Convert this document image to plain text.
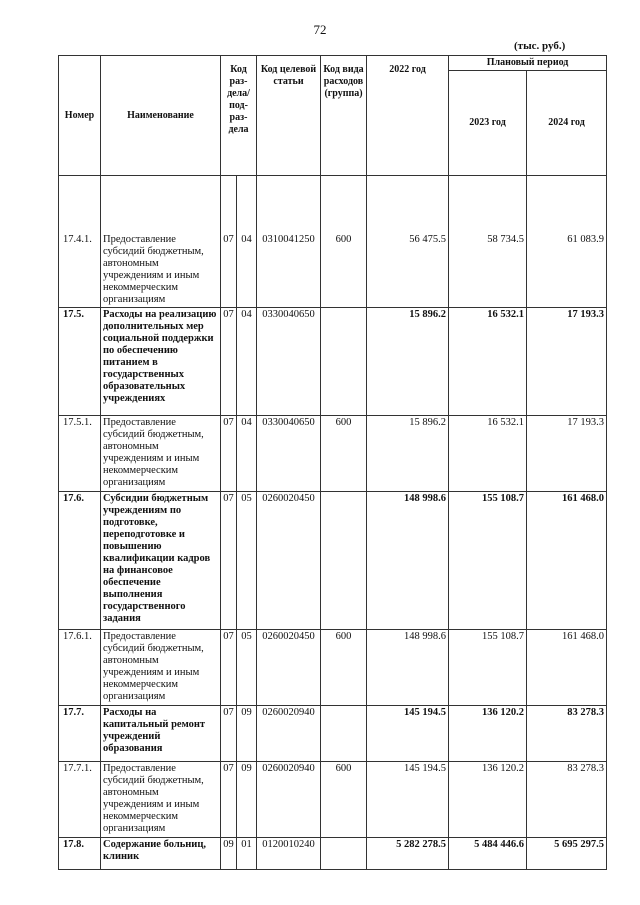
72
(тыс. руб.)
Номер	Наименование	Код раз-дела/ под-раз-дела		Код целевой статьи	Код вида расходов (группа)	2022 год	Плановый период	
							2023 год	2024 год
17.4.1.	Предоставление субсидий бюджетным, автономным учреждениям и иным некоммерческим организациям	07	04	0310041250	600	56 475.5	58 734.5	61 083.9
17.5.	Расходы на реализацию дополнительных мер социальной поддержки по обеспечению питанием в государственных образовательных учреждениях	07	04	0330040650		15 896.2	16 532.1	17 193.3
17.5.1.	Предоставление субсидий бюджетным, автономным учреждениям и иным некоммерческим организациям	07	04	0330040650	600	15 896.2	16 532.1	17 193.3
17.6.	Субсидии бюджетным учреждениям по подготовке, переподготовке и повышению квалификации кадров на финансовое обеспечение выполнения государственного задания	07	05	0260020450		148 998.6	155 108.7	161 468.0
17.6.1.	Предоставление субсидий бюджетным, автономным учреждениям и иным некоммерческим организациям	07	05	0260020450	600	148 998.6	155 108.7	161 468.0
17.7.	Расходы на капитальный ремонт учреждений образования	07	09	0260020940		145 194.5	136 120.2	83 278.3
17.7.1.	Предоставление субсидий бюджетным, автономным учреждениям и иным некоммерческим организациям	07	09	0260020940	600	145 194.5	136 120.2	83 278.3
17.8.	Содержание больниц, клиник	09	01	0120010240		5 282 278.5	5 484 446.6	5 695 297.5
